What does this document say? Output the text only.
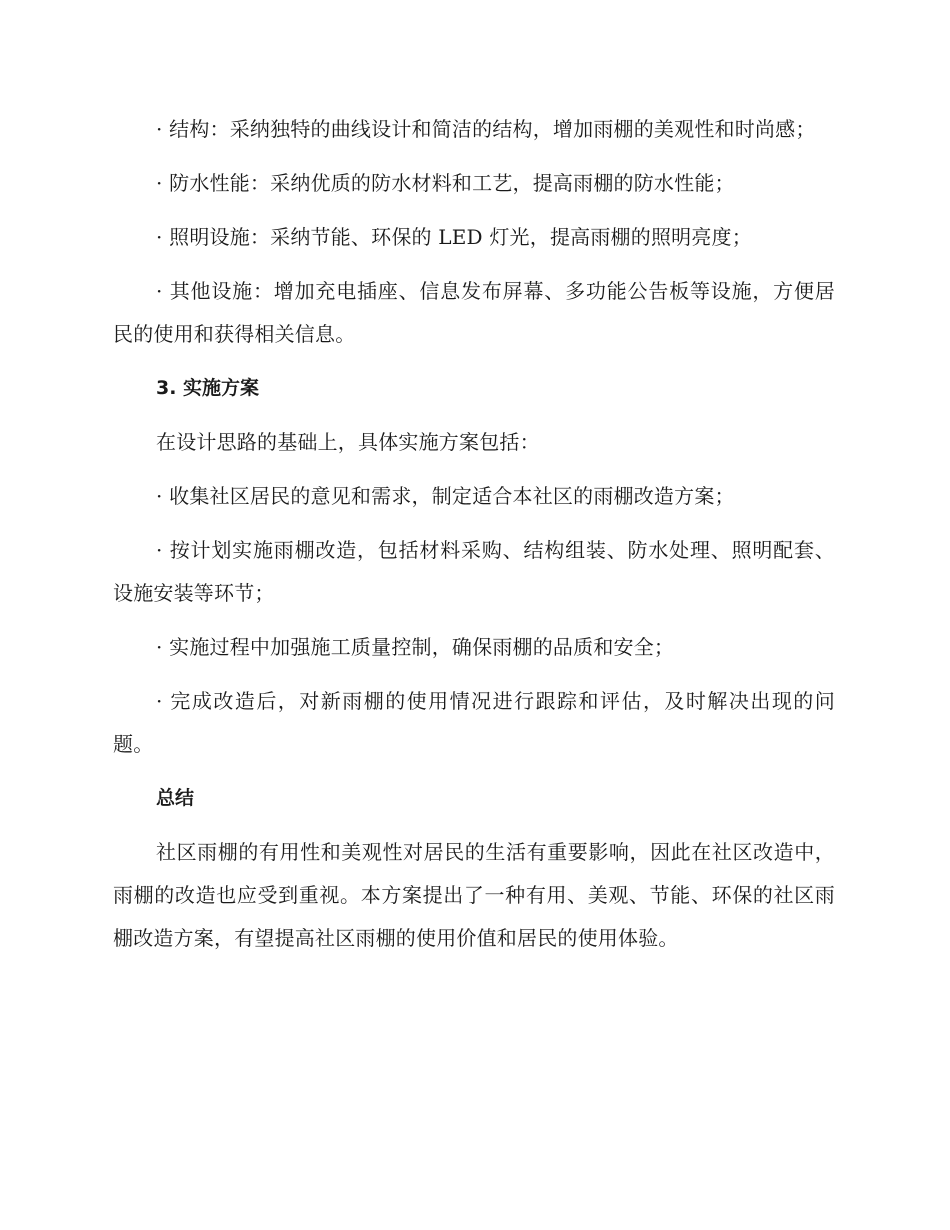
· 结构：采纳独特的曲线设计和简洁的结构，增加雨棚的美观性和时尚感；

· 防水性能：采纳优质的防水材料和工艺，提高雨棚的防水性能；

· 照明设施：采纳节能、环保的 LED 灯光，提高雨棚的照明亮度；

· 其他设施：增加充电插座、信息发布屏幕、多功能公告板等设施，方便居民的使用和获得相关信息。

3. 实施方案

在设计思路的基础上，具体实施方案包括：

· 收集社区居民的意见和需求，制定适合本社区的雨棚改造方案；

· 按计划实施雨棚改造，包括材料采购、结构组装、防水处理、照明配套、设施安装等环节；

· 实施过程中加强施工质量控制，确保雨棚的品质和安全；

· 完成改造后，对新雨棚的使用情况进行跟踪和评估，及时解决出现的问题。

总结

社区雨棚的有用性和美观性对居民的生活有重要影响，因此在社区改造中，雨棚的改造也应受到重视。本方案提出了一种有用、美观、节能、环保的社区雨棚改造方案，有望提高社区雨棚的使用价值和居民的使用体验。
